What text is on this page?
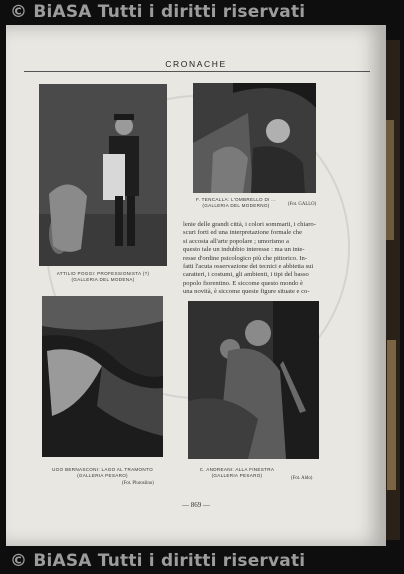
© BiASA Tutti i diritti riservati
CRONACHE
ATTILIO POGGI: PROFESSIONISTA (?)
(GALLERIA DEL MODENA)
F. TENCALLA: L'OMBRELLO DI ...
(GALLERIA DEL MODERNO)	(Fot. GALLO)
lenie delle grandi città, i colori sommarii, i chiaro-
scuri forti ed una interpretazione formale che
si accosta all'arte popolare ; umorismo a
questo tale un indubbio interesse : ma un inte-
resse d'ordine psicologico più che pittorico. In-
fatti l'acuta osservazione dei tecnici e abbietta sui
caratteri, i costumi, gli ambienti, i tipi del basso
popolo fiorentino. E siccome questo mondo è
una novità, è siccome queste figure situate e co-
UGO BERNASCONI: LAGO AL TRAMONTO
(GALLERIA PESARO)
(Fot. Pluroslino)
C. ANDREANI: ALLA FINESTRA
(GALLERIA PESARO)
(Fot. Aldo)
— 869 —
© BiASA Tutti i diritti riservati
